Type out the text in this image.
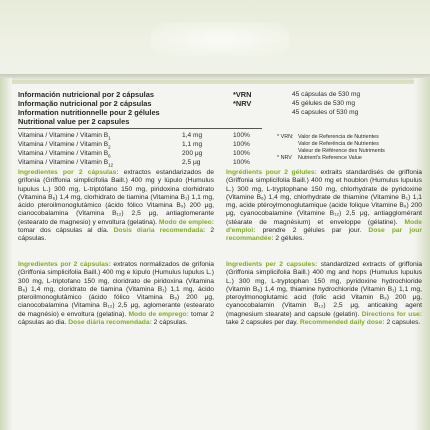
Información nutricional por 2 cápsulas
Informação nutricional por 2 cápsulas
Information nutritionnelle pour 2 gélules
Nutritional value per 2 capsules
*VRN
*NRV
45 cápsulas de 530 mg
45 gélules de 530 mg
45 capsules of 530 mg
Vitamina / Vitamine / Vitamin $B_1$	1,4 mg	100%
Vitamina / Vitamine / Vitamin $B_2$	1,1 mg	100%
Vitamina / Vitamine / Vitamin $B_6$	200 μg	100%
Vitamina / Vitamine / Vitamin $B_{12}$	2,5 μg	100%
* VRN: Valor de Referencia de Nutrientes
Valor de Referência de Nutrientes
Valeur de Référence des Nutriments
* NRV Nutrient's Reference Value
Ingredientes por 2 cápsulas: extractos estandarizados de grifonia (Griffonia simplicifolia Baill.) 400 mg y lúpulo (Humulus lupulus L.) 300 mg, L-triptófano 150 mg, piridoxina clorhidrato (Vitamina B₆) 1,4 mg, clorhidrato de tiamina (Vitamina B₁) 1,1 mg, ácido pteroilmonoglutámico (ácido fólico Vitamina B₉) 200 μg, cianocobalamina (Vitamina B₁₂) 2,5 μg, antiaglomerante (estearato de magnesio) y envoltura (gelatina). Modo de empleo: tomar dos cápsulas al día. Dosis diaria recomendada: 2 cápsulas.
Ingrédients pour 2 gélules: extraits standardisés de griffonia (Griffonia simplicifolia Baill.) 400 mg et houblon (Humulus lupulus L.) 300 mg, L-tryptophane 150 mg, chlorhydrate de pyridoxine (Vitamine B₆) 1,4 mg, chlorhydrate de thiamine (Vitamine B₁) 1,1 mg, acide ptéroylmonoglutamique (acide folique Vitamine B₉) 200 μg, cyanocobalamine (Vitamine B₁₂) 2,5 μg, antiagglomérant (stéarate de magnésium) et enveloppe (gélatine). Mode d'emploi: prendre 2 gélules par jour. Dose par jour recommandée: 2 gélules.
Ingredientes por 2 cápsulas: extratos normalizados de grifonia (Griffonia simplicifolia Baill.) 400 mg e lúpulo (Humulus lupulus L.) 300 mg, L-triptofano 150 mg, cloridrato de piridoxina (Vitamina B₆) 1,4 mg, cloridrato de tiamina (Vitamina B₁) 1,1 mg, ácido pteroilmonoglutâmico (ácido fólico Vitamina B₉) 200 μg, cianocobalamina (Vitamina B₁₂) 2,5 μg, aglomerante (estearato de magnésio) e envoltura (gelatina). Modo de emprego: tomar 2 cápsulas ao dia. Dose diária recomendada: 2 cápsulas.
Ingredients per 2 capsules: standardized extracts of griffonia (Griffonia simplicifolia Baill.) 400 mg and hops (Humulus lupulus L.) 300 mg, L-tryptophan 150 mg, pyridoxine hydrochloride (Vitamin B₆) 1,4 mg, thiamine hydrochloride (Vitamin B₁) 1,1 mg, pteroylmonoglutamic acid (folic acid Vitamin B₉) 200 μg, cyanocobalamin (Vitamin B₁₂) 2,5 μg, anticaking agent (magnesium stearate) and capsule (gelatin). Directions for use: take 2 capsules per day. Recommended daily dose: 2 capsules.
